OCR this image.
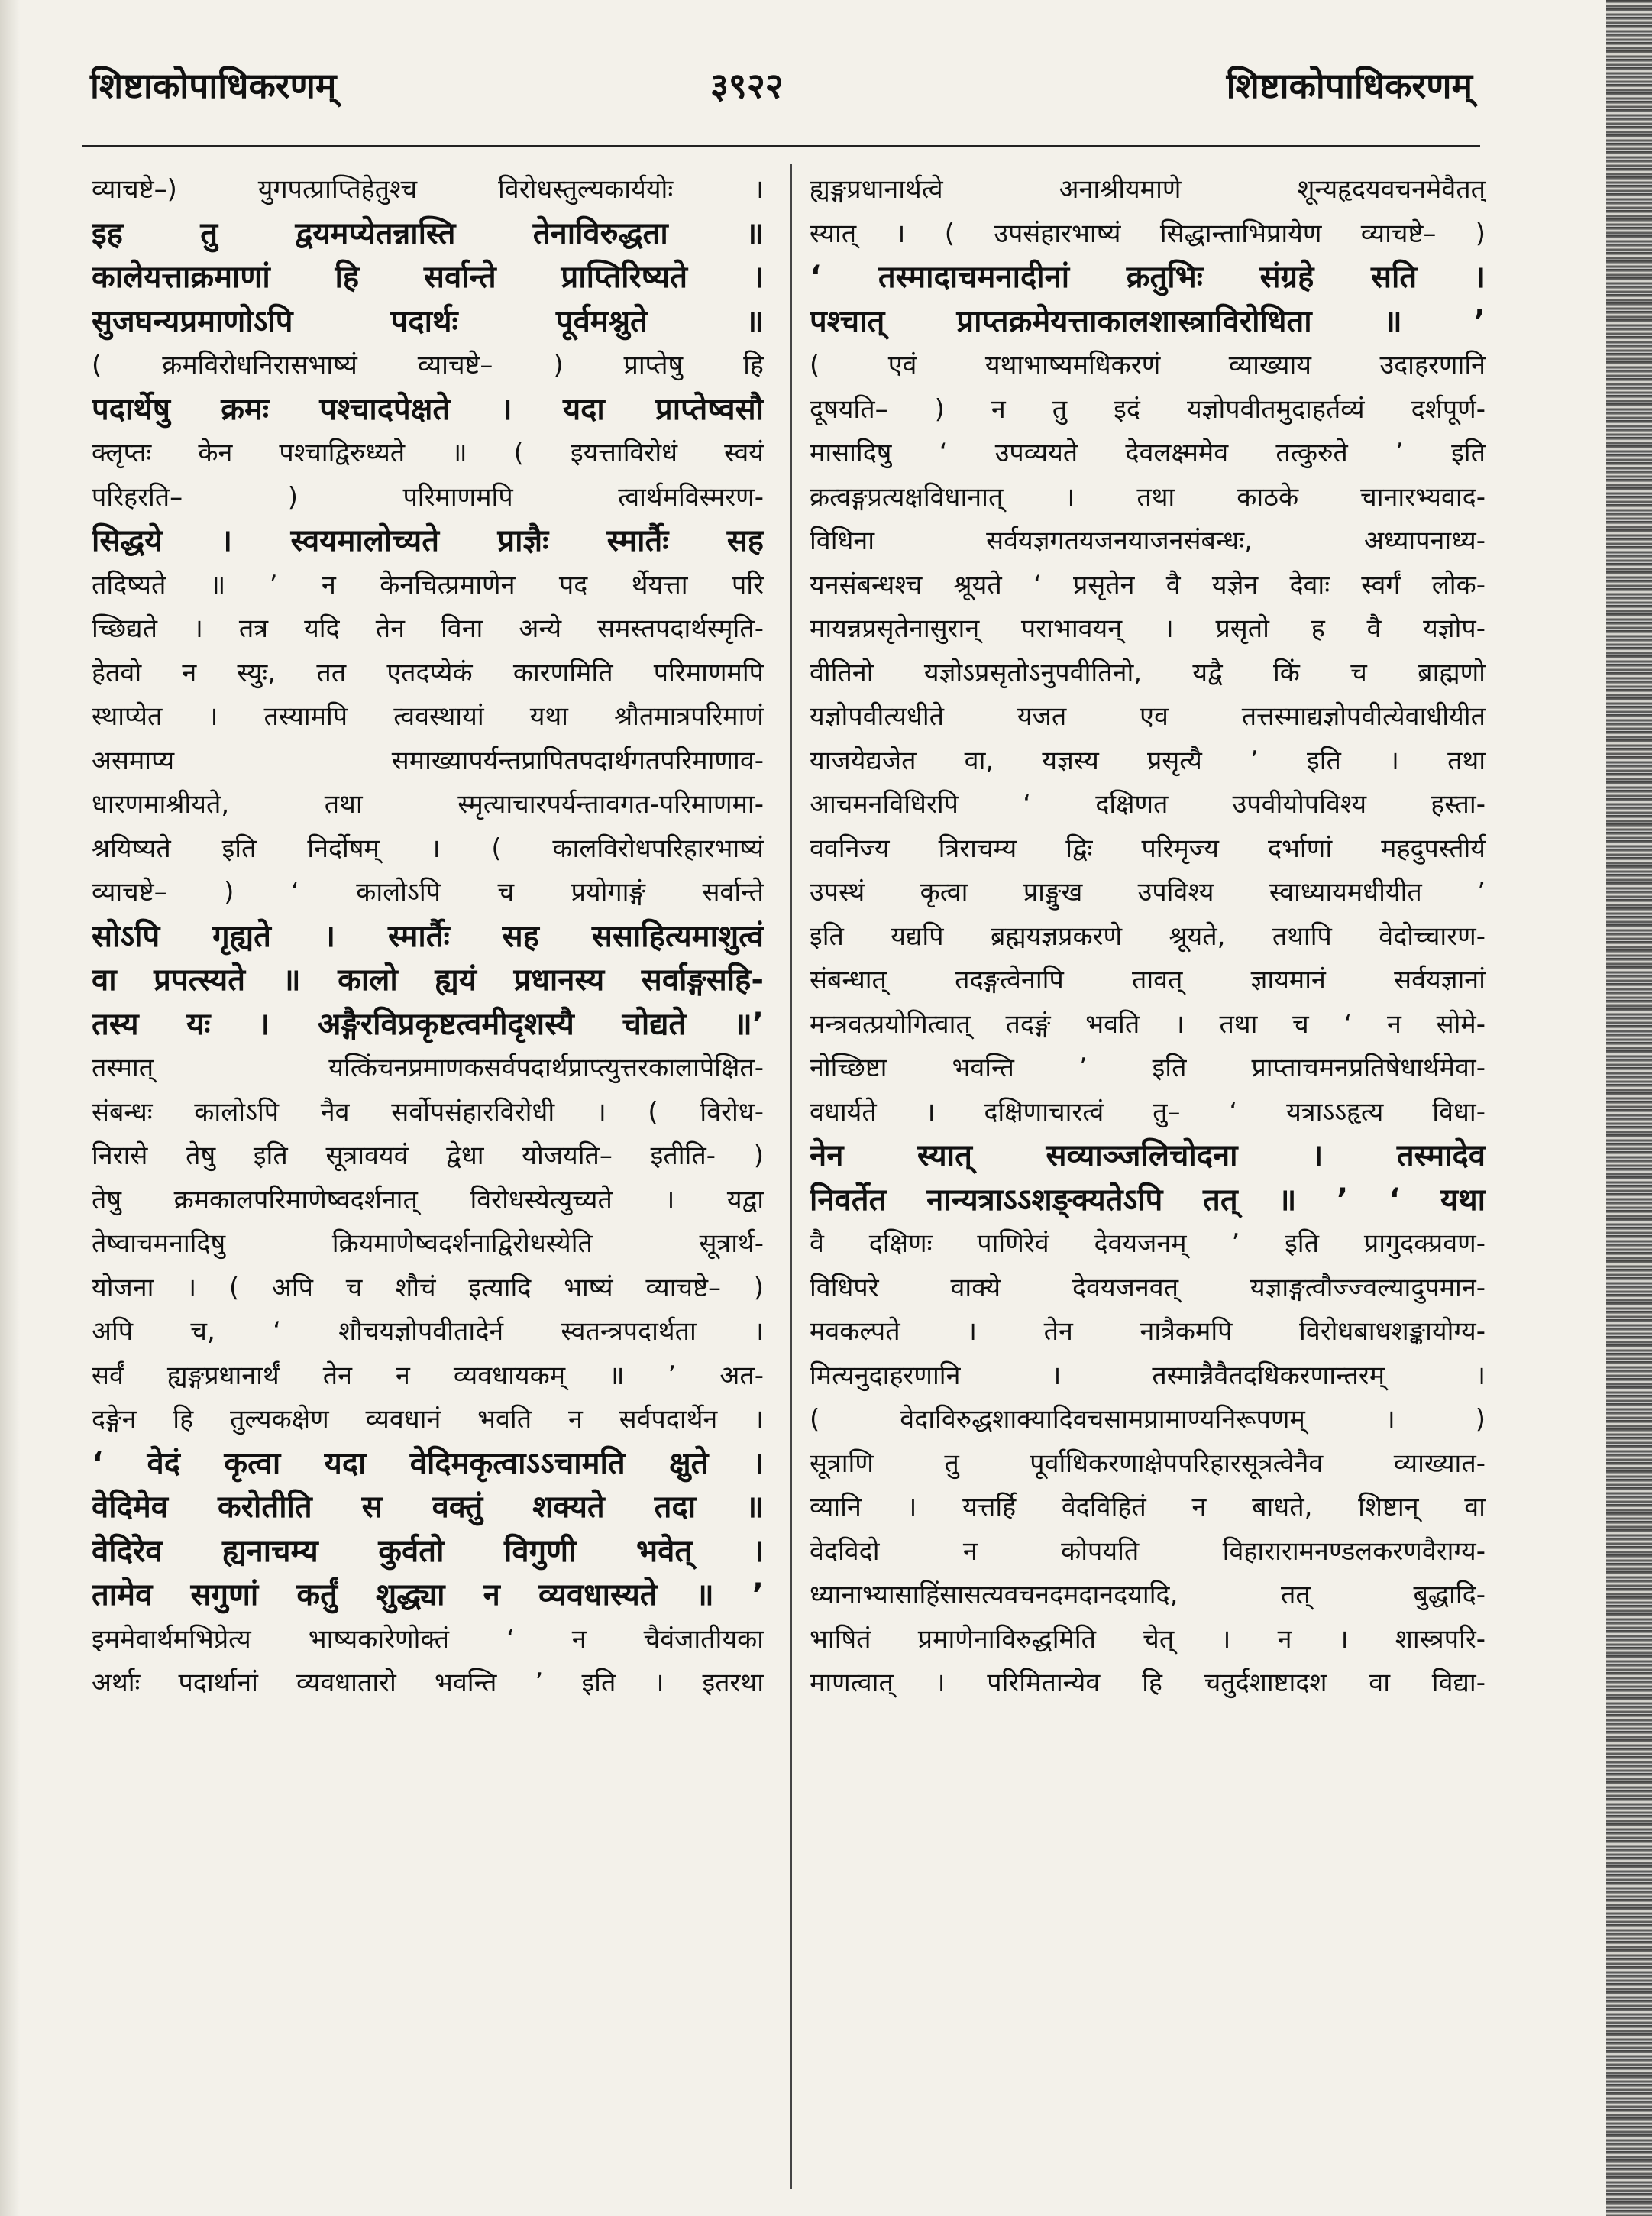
शिष्टाकोपाधिकरणम्	३९२२	शिष्टाकोपाधिकरणम्
व्याचष्टे–) युगपत्प्राप्तिहेतुश्च विरोधस्तुल्यकार्ययोः ।
इह तु द्वयमप्येतन्नास्ति तेनाविरुद्धता ॥
कालेयत्ताक्रमाणां हि सर्वान्ते प्राप्तिरिष्यते ।
सुजघन्यप्रमाणोऽपि पदार्थः पूर्वमश्नुते ॥
( क्रमविरोधनिरासभाष्यं व्याचष्टे– ) प्राप्तेषु हि
पदार्थेषु क्रमः पश्चादपेक्षते । यदा प्राप्तेष्वसौ
क्लृप्तः केन पश्चाद्विरुध्यते ॥ ( इयत्ताविरोधं स्वयं
परिहरति– ) परिमाणमपि त्वार्थमविस्मरण-
सिद्धये । स्वयमालोच्यते प्राज्ञैः स्मार्तैः सह
तदिष्यते ॥ ’ न केनचित्प्रमाणेन पद र्थेयत्ता परि
च्छिद्यते । तत्र यदि तेन विना अन्ये समस्तपदार्थस्मृति-
हेतवो न स्युः, तत एतदप्येकं कारणमिति परिमाणमपि
स्थाप्येत । तस्यामपि त्ववस्थायां यथा श्रौतमात्रपरिमाणं
असमाप्य समाख्यापर्यन्तप्रापितपदार्थगतपरिमाणाव-
धारणमाश्रीयते, तथा स्मृत्याचारपर्यन्तावगत-परिमाणमा-
श्रयिष्यते इति निर्दोषम् । ( कालविरोधपरिहारभाष्यं
व्याचष्टे– ) ‘ कालोऽपि च प्रयोगाङ्गं सर्वान्ते
सोऽपि गृह्यते । स्मार्तैः सह ससाहित्यमाशुत्वं
वा प्रपत्स्यते ॥ कालो ह्ययं प्रधानस्य सर्वाङ्गसहि-
तस्य यः । अङ्गैरविप्रकृष्टत्वमीदृशस्यै चोद्यते ॥’
तस्मात् यत्किंचनप्रमाणकसर्वपदार्थप्राप्त्युत्तरकालापेक्षित-
संबन्धः कालोऽपि नैव सर्वोपसंहारविरोधी । ( विरोध-
निरासे तेषु इति सूत्रावयवं द्वेधा योजयति– इतीति- )
तेषु क्रमकालपरिमाणेष्वदर्शनात् विरोधस्येत्युच्यते । यद्वा
तेष्वाचमनादिषु क्रियमाणेष्वदर्शनाद्विरोधस्येति सूत्रार्थ-
योजना । ( अपि च शौचं इत्यादि भाष्यं व्याचष्टे– )
अपि च, ‘ शौचयज्ञोपवीतादेर्न स्वतन्त्रपदार्थता ।
सर्वं ह्यङ्गप्रधानार्थं तेन न व्यवधायकम् ॥ ’ अत-
दङ्गेन हि तुल्यकक्षेण व्यवधानं भवति न सर्वपदार्थेन ।
‘ वेदं कृत्वा यदा वेदिमकृत्वाऽऽचामति क्षुते ।
वेदिमेव करोतीति स वक्तुं शक्यते तदा ॥
वेदिरेव ह्यनाचम्य कुर्वतो विगुणी भवेत् ।
तामेव सगुणां कर्तुं शुद्ध्या न व्यवधास्यते ॥ ’
इममेवार्थमभिप्रेत्य भाष्यकारेणोक्तं ‘ न चैवंजातीयका
अर्थाः पदार्थानां व्यवधातारो भवन्ति ’ इति । इतरथा
ह्यङ्गप्रधानार्थत्वे अनाश्रीयमाणे शून्यहृदयवचनमेवैतत्
स्यात् । ( उपसंहारभाष्यं सिद्धान्ताभिप्रायेण व्याचष्टे– )
‘ तस्मादाचमनादीनां क्रतुभिः संग्रहे सति ।
पश्चात् प्राप्तक्रमेयत्ताकालशास्त्राविरोधिता ॥ ’
( एवं यथाभाष्यमधिकरणं व्याख्याय उदाहरणानि
दूषयति– ) न तु इदं यज्ञोपवीतमुदाहर्तव्यं दर्शपूर्ण-
मासादिषु ‘ उपव्ययते देवलक्ष्ममेव तत्कुरुते ’ इति
क्रत्वङ्गप्रत्यक्षविधानात् । तथा काठके चानारभ्यवाद-
विधिना सर्वयज्ञगतयजनयाजनसंबन्धः, अध्यापनाध्य-
यनसंबन्धश्च श्रूयते ‘ प्रसृतेन वै यज्ञेन देवाः स्वर्गं लोक-
मायन्नप्रसृतेनासुरान् पराभावयन् । प्रसृतो ह वै यज्ञोप-
वीतिनो यज्ञोऽप्रसृतोऽनुपवीतिनो, यद्वै किं च ब्राह्मणो
यज्ञोपवीत्यधीते यजत एव तत्तस्माद्यज्ञोपवीत्येवाधीयीत
याजयेद्यजेत वा, यज्ञस्य प्रसृत्यै ’ इति । तथा
आचमनविधिरपि ‘ दक्षिणत उपवीयोपविश्य हस्ता-
ववनिज्य त्रिराचम्य द्विः परिमृज्य दर्भाणां महदुपस्तीर्य
उपस्थं कृत्वा प्राङ्मुख उपविश्य स्वाध्यायमधीयीत ’
इति यद्यपि ब्रह्मयज्ञप्रकरणे श्रूयते, तथापि वेदोच्चारण-
संबन्धात् तदङ्गत्वेनापि तावत् ज्ञायमानं सर्वयज्ञानां
मन्त्रवत्प्रयोगित्वात् तदङ्गं भवति । तथा च ‘ न सोमे-
नोच्छिष्टा भवन्ति ’ इति प्राप्ताचमनप्रतिषेधार्थमेवा-
वधार्यते । दक्षिणाचारत्वं तु– ‘ यत्राऽऽहृत्य विधा-
नेन स्यात् सव्याञ्जलिचोदना । तस्मादेव
निवर्तेत नान्यत्राऽऽशङ्क्यतेऽपि तत् ॥ ’ ‘ यथा
वै दक्षिणः पाणिरेवं देवयजनम् ’ इति प्रागुदक्प्रवण-
विधिपरे वाक्ये देवयजनवत् यज्ञाङ्गत्वौज्ज्वल्यादुपमान-
मवकल्पते । तेन नात्रैकमपि विरोधबाधशङ्कायोग्य-
मित्यनुदाहरणानि । तस्मान्नैवैतदधिकरणान्तरम् ।
( वेदाविरुद्धशाक्यादिवचसामप्रामाण्यनिरूपणम् । )
सूत्राणि तु पूर्वाधिकरणाक्षेपपरिहारसूत्रत्वेनैव व्याख्यात-
व्यानि । यत्तर्हि वेदविहितं न बाधते, शिष्टान् वा
वेदविदो न कोपयति विहारारामनण्डलकरणवैराग्य-
ध्यानाभ्यासाहिंसासत्यवचनदमदानदयादि, तत् बुद्धादि-
भाषितं प्रमाणेनाविरुद्धमिति चेत् । न । शास्त्रपरि-
माणत्वात् । परिमितान्येव हि चतुर्दशाष्टादश वा विद्या-
